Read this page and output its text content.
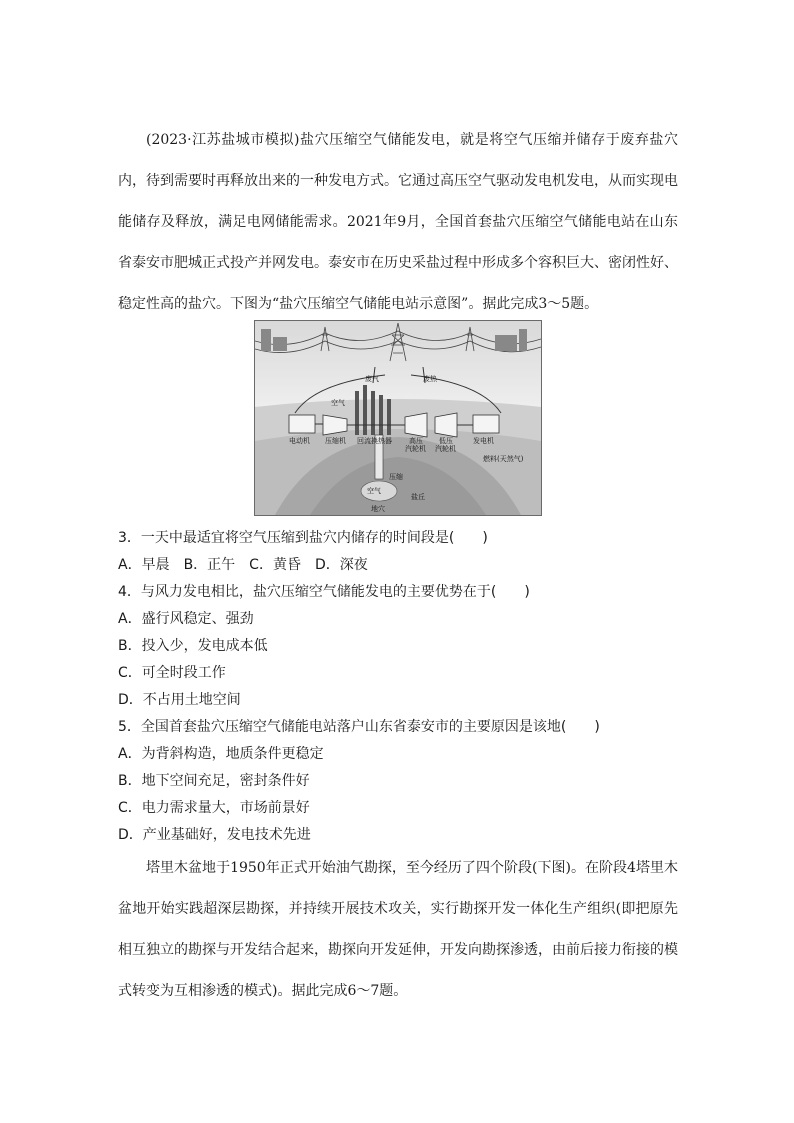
(2023·江苏盐城市模拟)盐穴压缩空气储能发电，就是将空气压缩并储存于废弃盐穴内，待到需要时再释放出来的一种发电方式。它通过高压空气驱动发电机发电，从而实现电能储存及释放，满足电网储能需求。2021年9月，全国首套盐穴压缩空气储能电站在山东省泰安市肥城正式投产并网发电。泰安市在历史采盐过程中形成多个容积巨大、密闭性好、稳定性高的盐穴。下图为“盐穴压缩空气储能电站示意图”。据此完成3～5题。

空气
废气	废热
电动机 压缩机 回流换热器 高压
汽轮机
低压
汽轮机
发电机
燃料(天然气)
压缩
空气
地穴
盐丘
3．一天中最适宜将空气压缩到盐穴内储存的时间段是(　　)
A．早晨　B．正午　C．黄昏　D．深夜
4．与风力发电相比，盐穴压缩空气储能发电的主要优势在于(　　)
A．盛行风稳定、强劲
B．投入少，发电成本低
C．可全时段工作
D．不占用土地空间
5．全国首套盐穴压缩空气储能电站落户山东省泰安市的主要原因是该地(　　)
A．为背斜构造，地质条件更稳定
B．地下空间充足，密封条件好
C．电力需求量大，市场前景好
D．产业基础好，发电技术先进

塔里木盆地于1950年正式开始油气勘探，至今经历了四个阶段(下图)。在阶段4塔里木盆地开始实践超深层勘探，并持续开展技术攻关，实行勘探开发一体化生产组织(即把原先相互独立的勘探与开发结合起来，勘探向开发延伸，开发向勘探渗透，由前后接力衔接的模式转变为互相渗透的模式)。据此完成6～7题。
